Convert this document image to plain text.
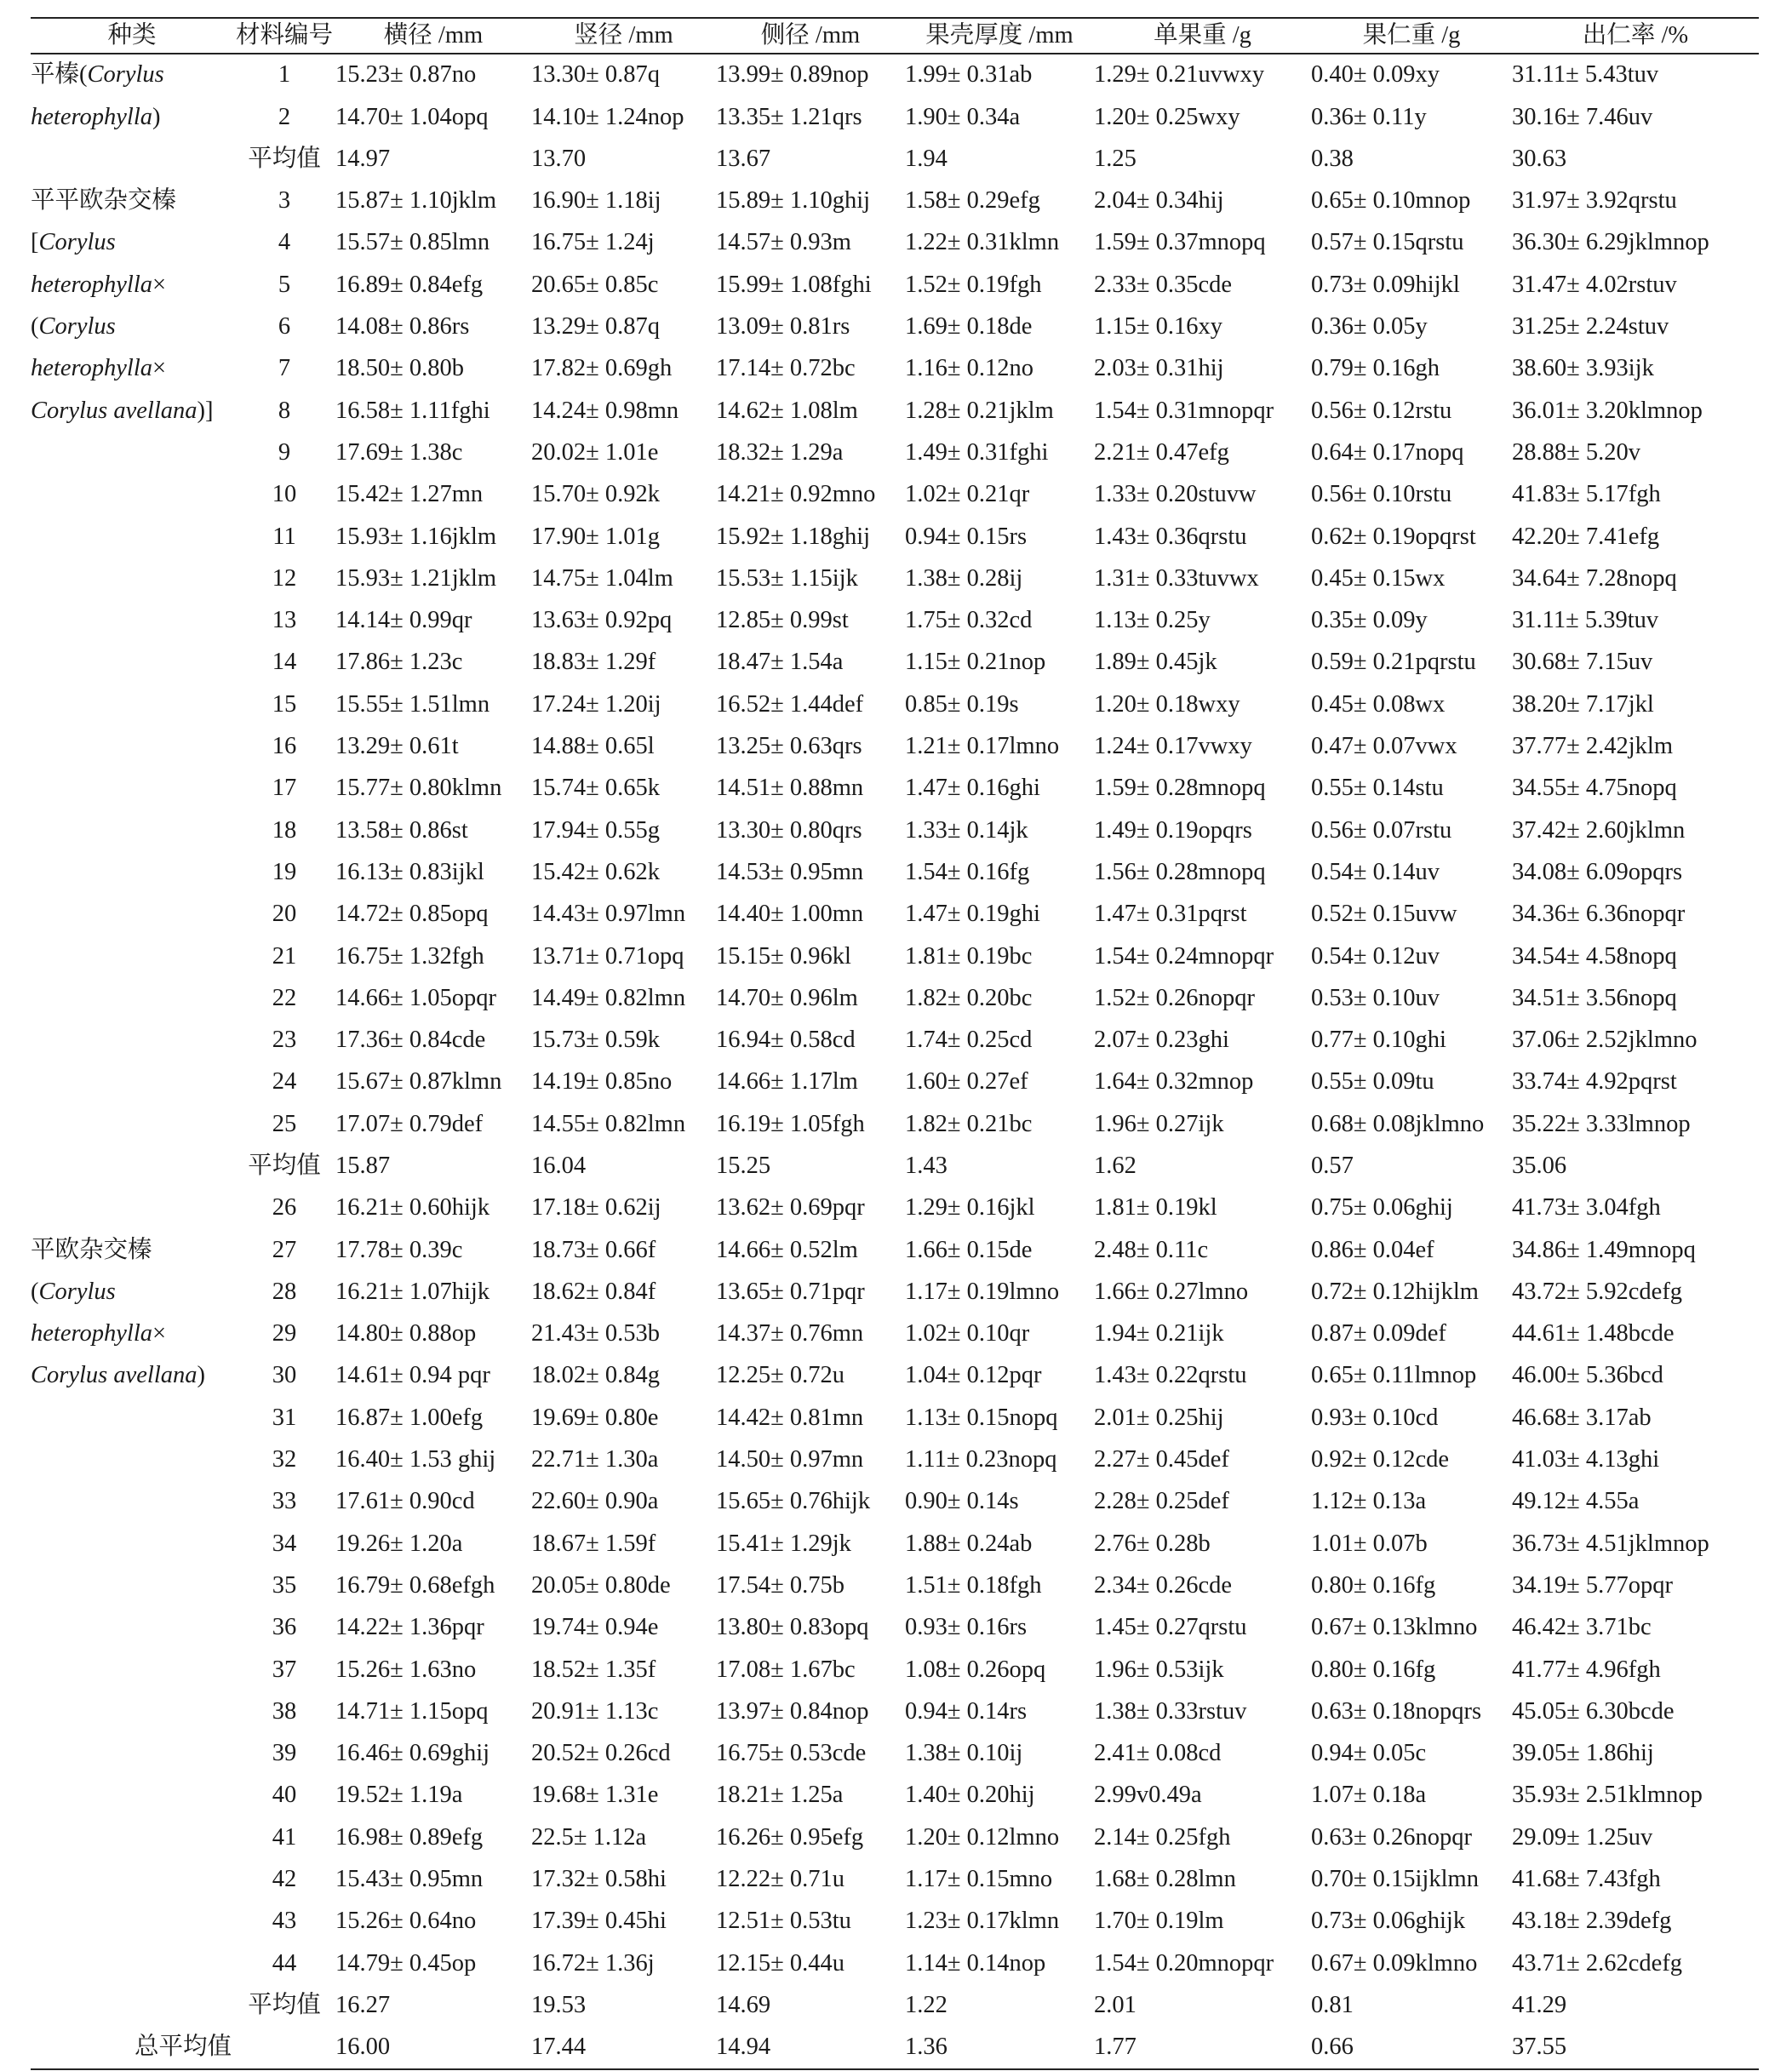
种类	材料编号	横径 /mm	竖径 /mm	侧径 /mm	果壳厚度 /mm	单果重 /g	果仁重 /g	出仁率 /%
平榛(Corylus	1	15.23± 0.87no	13.30± 0.87q	13.99± 0.89nop	1.99± 0.31ab	1.29± 0.21uvwxy	0.40± 0.09xy	31.11± 5.43tuv
heterophylla)	2	14.70± 1.04opq	14.10± 1.24nop	13.35± 1.21qrs	1.90± 0.34a	1.20± 0.25wxy	0.36± 0.11y	30.16± 7.46uv
	平均值	14.97	13.70	13.67	1.94	1.25	0.38	30.63
平平欧杂交榛	3	15.87± 1.10jklm	16.90± 1.18ij	15.89± 1.10ghij	1.58± 0.29efg	2.04± 0.34hij	0.65± 0.10mnop	31.97± 3.92qrstu
[Corylus	4	15.57± 0.85lmn	16.75± 1.24j	14.57± 0.93m	1.22± 0.31klmn	1.59± 0.37mnopq	0.57± 0.15qrstu	36.30± 6.29jklmnop
heterophylla×	5	16.89± 0.84efg	20.65± 0.85c	15.99± 1.08fghi	1.52± 0.19fgh	2.33± 0.35cde	0.73± 0.09hijkl	31.47± 4.02rstuv
(Corylus	6	14.08± 0.86rs	13.29± 0.87q	13.09± 0.81rs	1.69± 0.18de	1.15± 0.16xy	0.36± 0.05y	31.25± 2.24stuv
heterophylla×	7	18.50± 0.80b	17.82± 0.69gh	17.14± 0.72bc	1.16± 0.12no	2.03± 0.31hij	0.79± 0.16gh	38.60± 3.93ijk
Corylus avellana)]	8	16.58± 1.11fghi	14.24± 0.98mn	14.62± 1.08lm	1.28± 0.21jklm	1.54± 0.31mnopqr	0.56± 0.12rstu	36.01± 3.20klmnop
	9	17.69± 1.38c	20.02± 1.01e	18.32± 1.29a	1.49± 0.31fghi	2.21± 0.47efg	0.64± 0.17nopq	28.88± 5.20v
	10	15.42± 1.27mn	15.70± 0.92k	14.21± 0.92mno	1.02± 0.21qr	1.33± 0.20stuvw	0.56± 0.10rstu	41.83± 5.17fgh
	11	15.93± 1.16jklm	17.90± 1.01g	15.92± 1.18ghij	0.94± 0.15rs	1.43± 0.36qrstu	0.62± 0.19opqrst	42.20± 7.41efg
	12	15.93± 1.21jklm	14.75± 1.04lm	15.53± 1.15ijk	1.38± 0.28ij	1.31± 0.33tuvwx	0.45± 0.15wx	34.64± 7.28nopq
	13	14.14± 0.99qr	13.63± 0.92pq	12.85± 0.99st	1.75± 0.32cd	1.13± 0.25y	0.35± 0.09y	31.11± 5.39tuv
	14	17.86± 1.23c	18.83± 1.29f	18.47± 1.54a	1.15± 0.21nop	1.89± 0.45jk	0.59± 0.21pqrstu	30.68± 7.15uv
	15	15.55± 1.51lmn	17.24± 1.20ij	16.52± 1.44def	0.85± 0.19s	1.20± 0.18wxy	0.45± 0.08wx	38.20± 7.17jkl
	16	13.29± 0.61t	14.88± 0.65l	13.25± 0.63qrs	1.21± 0.17lmno	1.24± 0.17vwxy	0.47± 0.07vwx	37.77± 2.42jklm
	17	15.77± 0.80klmn	15.74± 0.65k	14.51± 0.88mn	1.47± 0.16ghi	1.59± 0.28mnopq	0.55± 0.14stu	34.55± 4.75nopq
	18	13.58± 0.86st	17.94± 0.55g	13.30± 0.80qrs	1.33± 0.14jk	1.49± 0.19opqrs	0.56± 0.07rstu	37.42± 2.60jklmn
	19	16.13± 0.83ijkl	15.42± 0.62k	14.53± 0.95mn	1.54± 0.16fg	1.56± 0.28mnopq	0.54± 0.14uv	34.08± 6.09opqrs
	20	14.72± 0.85opq	14.43± 0.97lmn	14.40± 1.00mn	1.47± 0.19ghi	1.47± 0.31pqrst	0.52± 0.15uvw	34.36± 6.36nopqr
	21	16.75± 1.32fgh	13.71± 0.71opq	15.15± 0.96kl	1.81± 0.19bc	1.54± 0.24mnopqr	0.54± 0.12uv	34.54± 4.58nopq
	22	14.66± 1.05opqr	14.49± 0.82lmn	14.70± 0.96lm	1.82± 0.20bc	1.52± 0.26nopqr	0.53± 0.10uv	34.51± 3.56nopq
	23	17.36± 0.84cde	15.73± 0.59k	16.94± 0.58cd	1.74± 0.25cd	2.07± 0.23ghi	0.77± 0.10ghi	37.06± 2.52jklmno
	24	15.67± 0.87klmn	14.19± 0.85no	14.66± 1.17lm	1.60± 0.27ef	1.64± 0.32mnop	0.55± 0.09tu	33.74± 4.92pqrst
	25	17.07± 0.79def	14.55± 0.82lmn	16.19± 1.05fgh	1.82± 0.21bc	1.96± 0.27ijk	0.68± 0.08jklmno	35.22± 3.33lmnop
	平均值	15.87	16.04	15.25	1.43	1.62	0.57	35.06
	26	16.21± 0.60hijk	17.18± 0.62ij	13.62± 0.69pqr	1.29± 0.16jkl	1.81± 0.19kl	0.75± 0.06ghij	41.73± 3.04fgh
平欧杂交榛	27	17.78± 0.39c	18.73± 0.66f	14.66± 0.52lm	1.66± 0.15de	2.48± 0.11c	0.86± 0.04ef	34.86± 1.49mnopq
(Corylus	28	16.21± 1.07hijk	18.62± 0.84f	13.65± 0.71pqr	1.17± 0.19lmno	1.66± 0.27lmno	0.72± 0.12hijklm	43.72± 5.92cdefg
heterophylla×	29	14.80± 0.88op	21.43± 0.53b	14.37± 0.76mn	1.02± 0.10qr	1.94± 0.21ijk	0.87± 0.09def	44.61± 1.48bcde
Corylus avellana)	30	14.61± 0.94 pqr	18.02± 0.84g	12.25± 0.72u	1.04± 0.12pqr	1.43± 0.22qrstu	0.65± 0.11lmnop	46.00± 5.36bcd
	31	16.87± 1.00efg	19.69± 0.80e	14.42± 0.81mn	1.13± 0.15nopq	2.01± 0.25hij	0.93± 0.10cd	46.68± 3.17ab
	32	16.40± 1.53 ghij	22.71± 1.30a	14.50± 0.97mn	1.11± 0.23nopq	2.27± 0.45def	0.92± 0.12cde	41.03± 4.13ghi
	33	17.61± 0.90cd	22.60± 0.90a	15.65± 0.76hijk	0.90± 0.14s	2.28± 0.25def	1.12± 0.13a	49.12± 4.55a
	34	19.26± 1.20a	18.67± 1.59f	15.41± 1.29jk	1.88± 0.24ab	2.76± 0.28b	1.01± 0.07b	36.73± 4.51jklmnop
	35	16.79± 0.68efgh	20.05± 0.80de	17.54± 0.75b	1.51± 0.18fgh	2.34± 0.26cde	0.80± 0.16fg	34.19± 5.77opqr
	36	14.22± 1.36pqr	19.74± 0.94e	13.80± 0.83opq	0.93± 0.16rs	1.45± 0.27qrstu	0.67± 0.13klmno	46.42± 3.71bc
	37	15.26± 1.63no	18.52± 1.35f	17.08± 1.67bc	1.08± 0.26opq	1.96± 0.53ijk	0.80± 0.16fg	41.77± 4.96fgh
	38	14.71± 1.15opq	20.91± 1.13c	13.97± 0.84nop	0.94± 0.14rs	1.38± 0.33rstuv	0.63± 0.18nopqrs	45.05± 6.30bcde
	39	16.46± 0.69ghij	20.52± 0.26cd	16.75± 0.53cde	1.38± 0.10ij	2.41± 0.08cd	0.94± 0.05c	39.05± 1.86hij
	40	19.52± 1.19a	19.68± 1.31e	18.21± 1.25a	1.40± 0.20hij	2.99v0.49a	1.07± 0.18a	35.93± 2.51klmnop
	41	16.98± 0.89efg	22.5± 1.12a	16.26± 0.95efg	1.20± 0.12lmno	2.14± 0.25fgh	0.63± 0.26nopqr	29.09± 1.25uv
	42	15.43± 0.95mn	17.32± 0.58hi	12.22± 0.71u	1.17± 0.15mno	1.68± 0.28lmn	0.70± 0.15ijklmn	41.68± 7.43fgh
	43	15.26± 0.64no	17.39± 0.45hi	12.51± 0.53tu	1.23± 0.17klmn	1.70± 0.19lm	0.73± 0.06ghijk	43.18± 2.39defg
	44	14.79± 0.45op	16.72± 1.36j	12.15± 0.44u	1.14± 0.14nop	1.54± 0.20mnopqr	0.67± 0.09klmno	43.71± 2.62cdefg
	平均值	16.27	19.53	14.69	1.22	2.01	0.81	41.29
总平均值		16.00	17.44	14.94	1.36	1.77	0.66	37.55
